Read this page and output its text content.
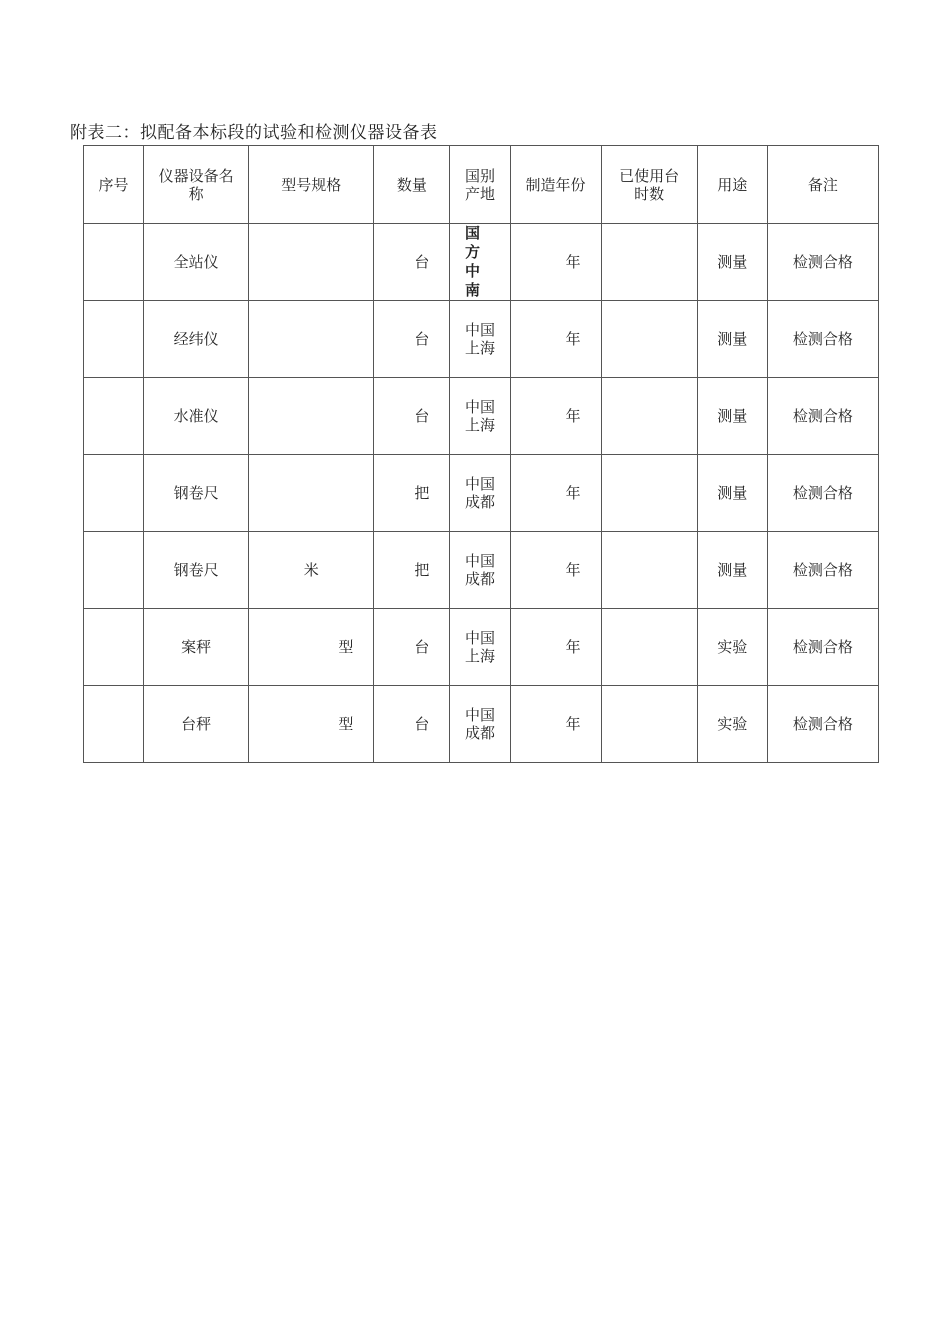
附表二：拟配备本标段的试验和检测仪器设备表
序号	仪器设备名称	型号规格	数量	国别产地	制造年份	已使用台时数	用途	备注
	全站仪		台	国方中南	年		测量	检测合格
	经纬仪		台	中国上海	年		测量	检测合格
	水准仪		台	中国上海	年		测量	检测合格
	钢卷尺		把	中国成都	年		测量	检测合格
	钢卷尺	米	把	中国成都	年		测量	检测合格
	案秤	型	台	中国上海	年		实验	检测合格
	台秤	型	台	中国成都	年		实验	检测合格
